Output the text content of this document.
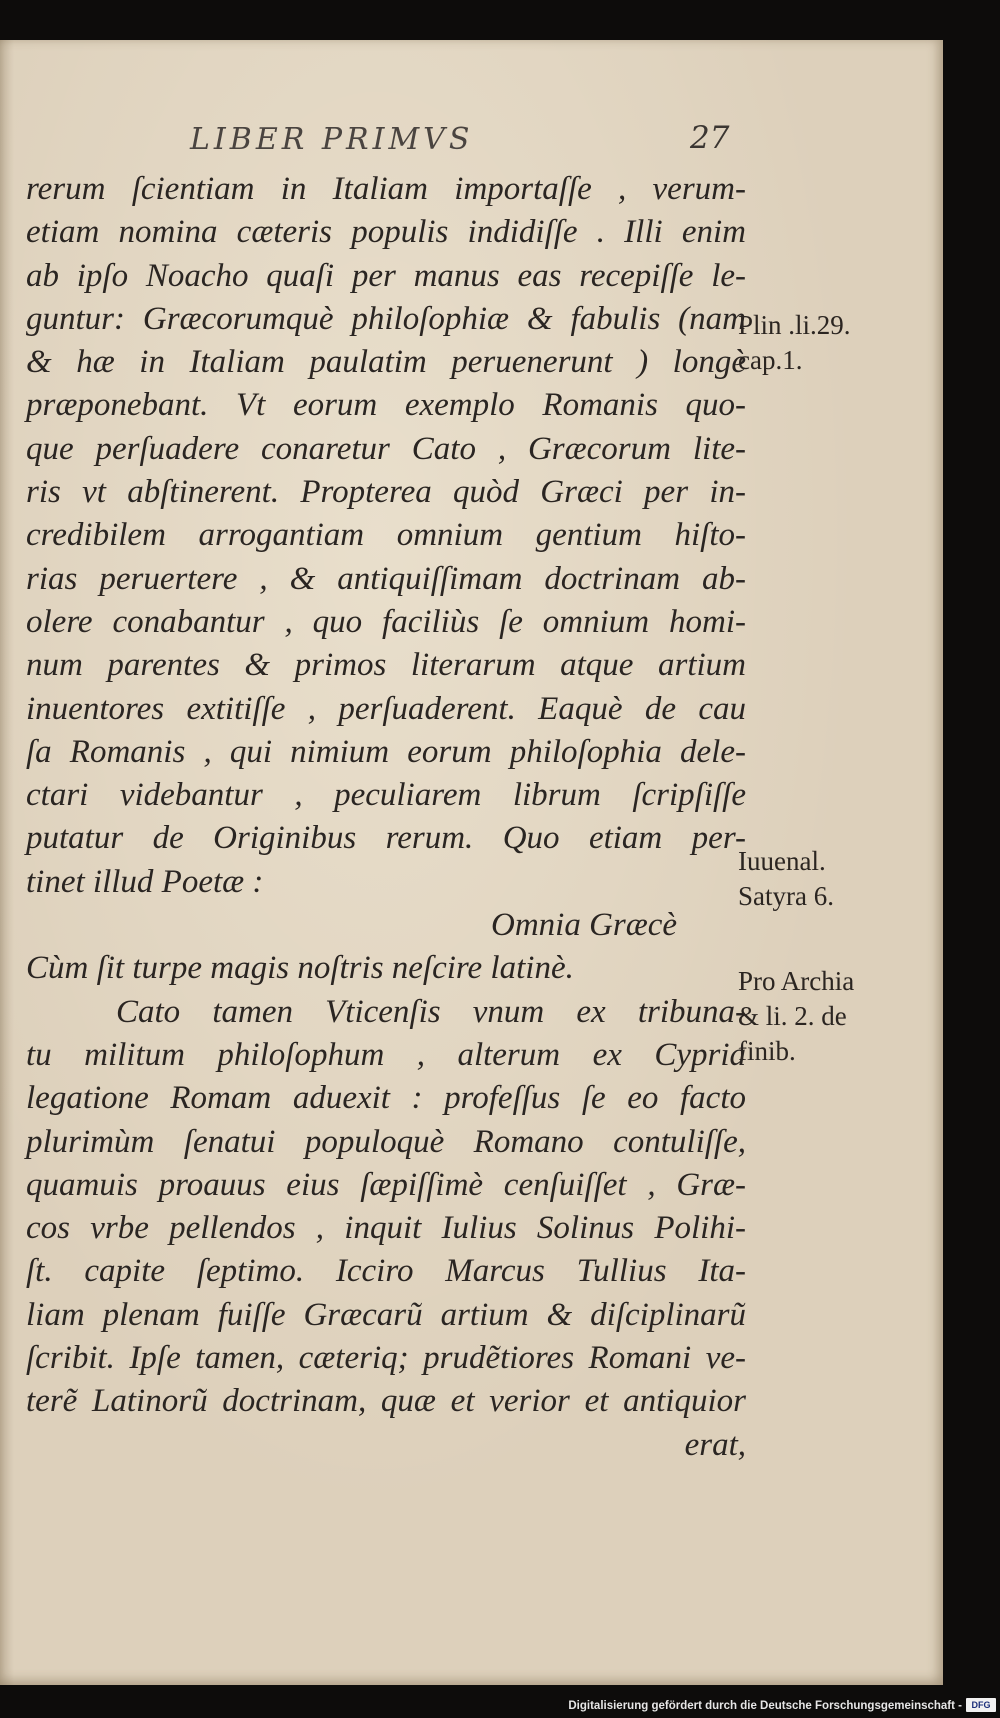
LIBER PRIMVS	27
rerum ſcientiam in Italiam importaſſe , verum-
etiam nomina cæteris populis indidiſſe . Illi enim
ab ipſo Noacho quaſi per manus eas recepiſſe le-
guntur: Græcorumquè philoſophiæ & fabulis (nam
& hæ in Italiam paulatim peruenerunt ) longè
præponebant. Vt eorum exemplo Romanis quo-
que perſuadere conaretur Cato , Græcorum lite-
ris vt abſtinerent. Propterea quòd Græci per in-
credibilem arrogantiam omnium gentium hiſto-
rias peruertere , & antiquiſſimam doctrinam ab-
olere conabantur , quo faciliùs ſe omnium homi-
num parentes & primos literarum atque artium
inuentores extitiſſe , perſuaderent. Eaquè de cau
ſa Romanis , qui nimium eorum philoſophia dele-
ctari videbantur , peculiarem librum ſcripſiſſe
putatur de Originibus rerum. Quo etiam per-
tinet illud Poetæ :
Omnia Græcè
Cùm ſit turpe magis noſtris neſcire latinè.
Cato tamen Vticenſis vnum ex tribuna-
tu militum philoſophum , alterum ex Cypria
legatione Romam aduexit : profeſſus ſe eo facto
plurimùm ſenatui populoquè Romano contuliſſe,
quamuis proauus eius ſæpiſſimè cenſuiſſet , Græ-
cos vrbe pellendos , inquit Iulius Solinus Polihi-
ſt. capite ſeptimo. Icciro Marcus Tullius Ita-
liam plenam fuiſſe Græcarũ artium & diſciplinarũ
ſcribit. Ipſe tamen, cæteriq; prudẽtiores Romani ve-
terẽ Latinorũ doctrinam, quæ et verior et antiquior
erat,
Plin .li.29.
cap.1.
Iuuenal.
Satyra 6.
Pro Archia
& li. 2. de
finib.
Digitalisierung gefördert durch die Deutsche Forschungsgemeinschaft -	DFG
